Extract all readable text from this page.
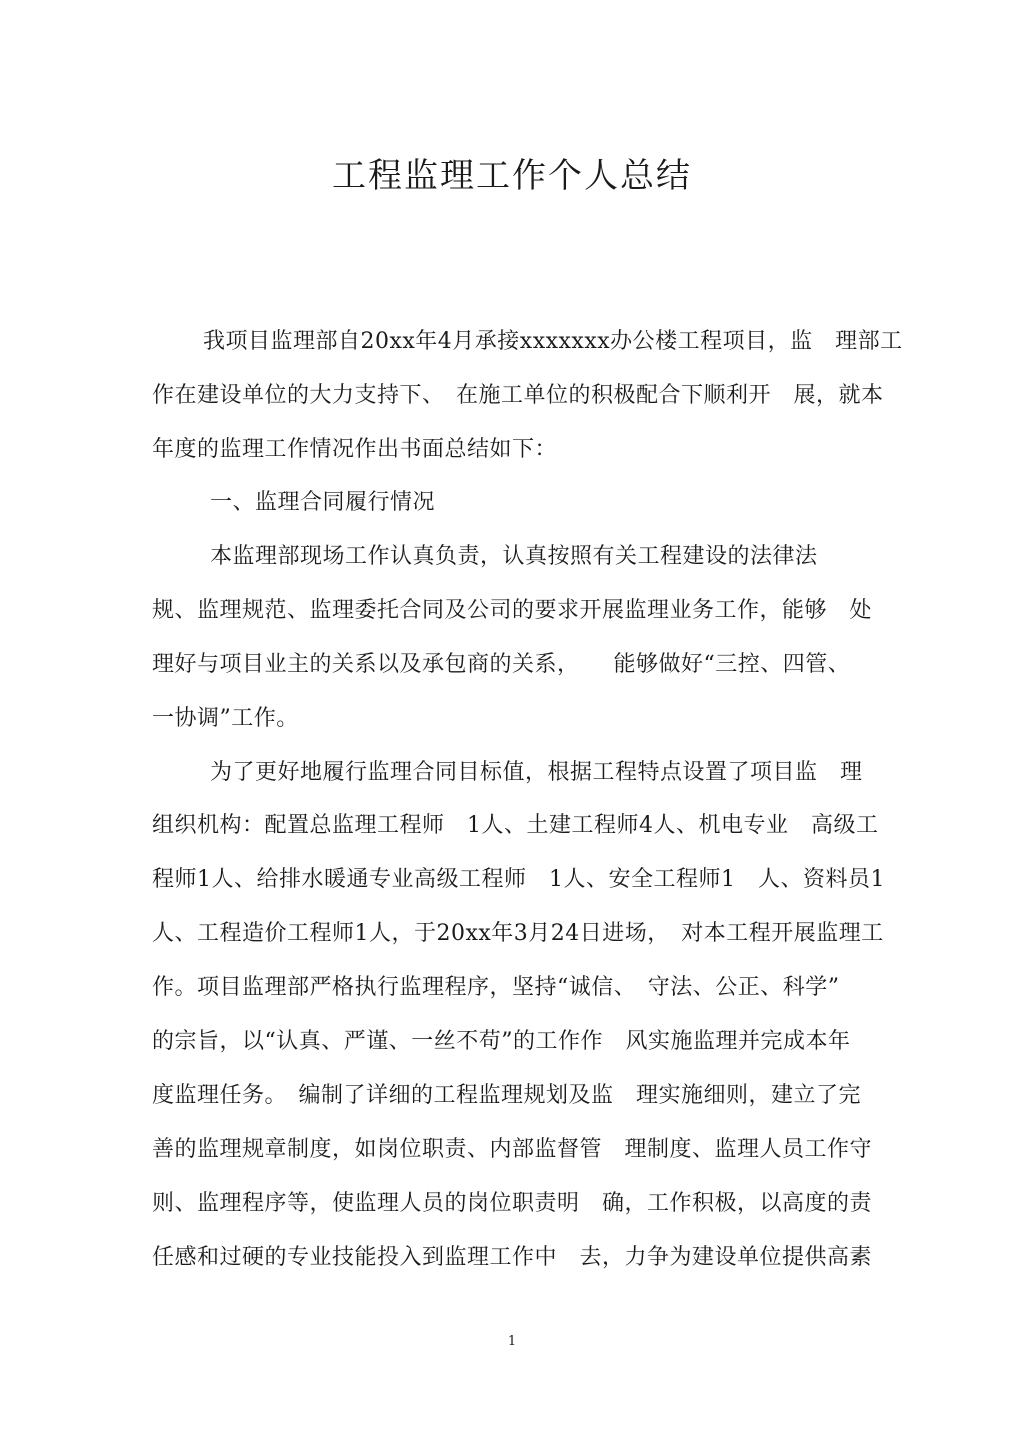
工程监理工作个人总结
我项目监理部自20xx年4月承接xxxxxxx办公楼工程项目，监　理部工
作在建设单位的大力支持下、　在施工单位的积极配合下顺利开　展，就本
年度的监理工作情况作出书面总结如下：
一、监理合同履行情况
本监理部现场工作认真负责，认真按照有关工程建设的法律法
规、监理规范、监理委托合同及公司的要求开展监理业务工作，能够　处
理好与项目业主的关系以及承包商的关系，　　能够做好“三控、四管、
一协调”工作。
为了更好地履行监理合同目标值，根据工程特点设置了项目监　理
组织机构：配置总监理工程师　1人、土建工程师4人、机电专业　高级工
程师1人、给排水暖通专业高级工程师　1人、安全工程师1　人、资料员1
人、工程造价工程师1人，于20xx年3月24日进场，　对本工程开展监理工
作。项目监理部严格执行监理程序，坚持“诚信、　守法、公正、科学”
的宗旨，以“认真、严谨、一丝不苟”的工作作　风实施监理并完成本年
度监理任务。　编制了详细的工程监理规划及监　理实施细则，建立了完
善的监理规章制度，如岗位职责、内部监督管　理制度、监理人员工作守
则、监理程序等，使监理人员的岗位职责明　确，工作积极，以高度的责
任感和过硬的专业技能投入到监理工作中　去，力争为建设单位提供高素
1
